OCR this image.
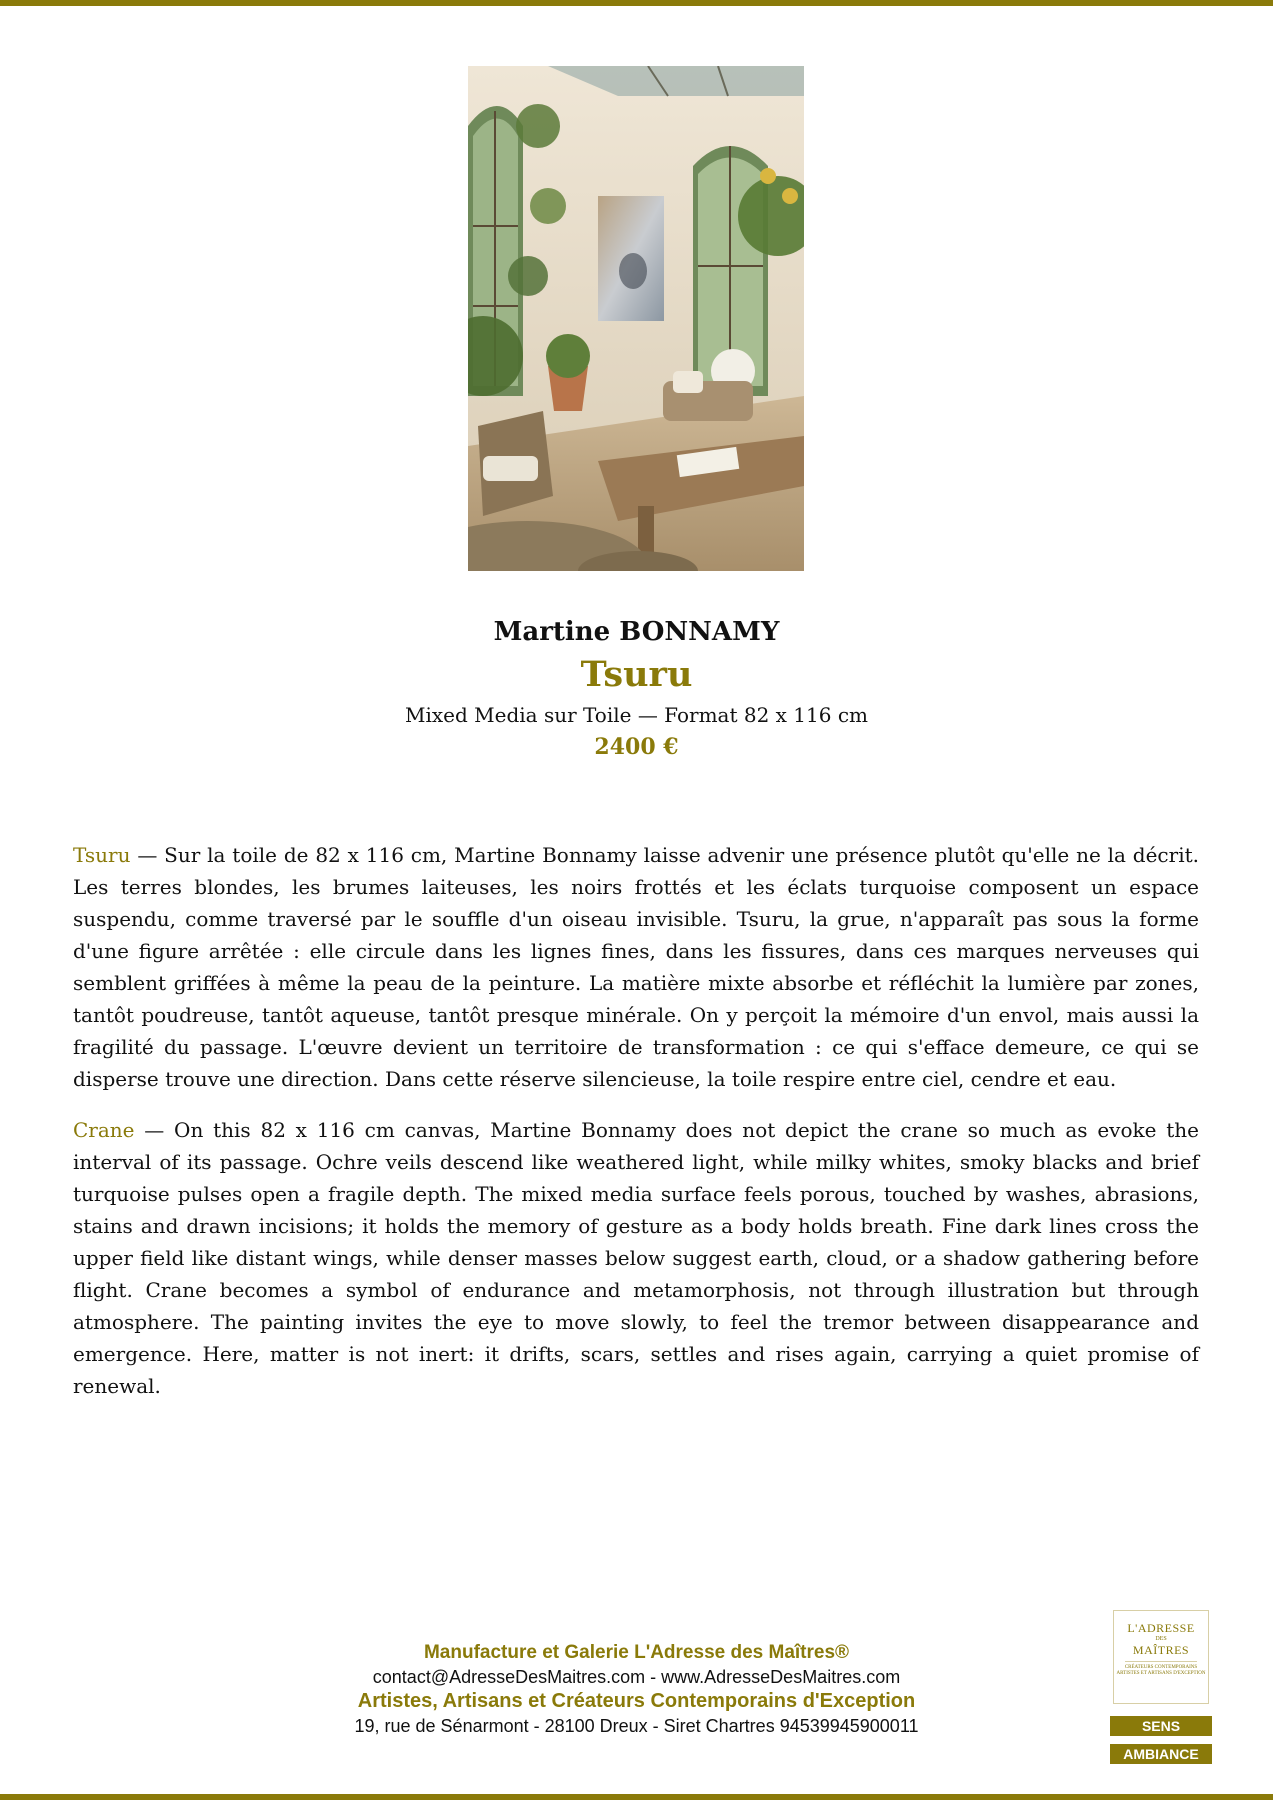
Martine BONNAMY
Tsuru
Mixed Media sur Toile — Format 82 x 116 cm
2400 €

Tsuru — Sur la toile de 82 x 116 cm, Martine Bonnamy laisse advenir une présence plutôt qu'elle ne la décrit. Les terres blondes, les brumes laiteuses, les noirs frottés et les éclats turquoise composent un espace suspendu, comme traversé par le souffle d'un oiseau invisible. Tsuru, la grue, n'apparaît pas sous la forme d'une figure arrêtée : elle circule dans les lignes fines, dans les fissures, dans ces marques nerveuses qui semblent griffées à même la peau de la peinture. La matière mixte absorbe et réfléchit la lumière par zones, tantôt poudreuse, tantôt aqueuse, tantôt presque minérale. On y perçoit la mémoire d'un envol, mais aussi la fragilité du passage. L'œuvre devient un territoire de transformation : ce qui s'efface demeure, ce qui se disperse trouve une direction. Dans cette réserve silencieuse, la toile respire entre ciel, cendre et eau.

Crane — On this 82 x 116 cm canvas, Martine Bonnamy does not depict the crane so much as evoke the interval of its passage. Ochre veils descend like weathered light, while milky whites, smoky blacks and brief turquoise pulses open a fragile depth. The mixed media surface feels porous, touched by washes, abrasions, stains and drawn incisions; it holds the memory of gesture as a body holds breath. Fine dark lines cross the upper field like distant wings, while denser masses below suggest earth, cloud, or a shadow gathering before flight. Crane becomes a symbol of endurance and metamorphosis, not through illustration but through atmosphere. The painting invites the eye to move slowly, to feel the tremor between disappearance and emergence. Here, matter is not inert: it drifts, scars, settles and rises again, carrying a quiet promise of renewal.

Manufacture et Galerie L'Adresse des Maîtres®
contact@AdresseDesMaitres.com - www.AdresseDesMaitres.com
Artistes, Artisans et Créateurs Contemporains d'Exception
19, rue de Sénarmont - 28100 Dreux - Siret Chartres 94539945900011
L'ADRESSE
DES
MAÎTRES
CRÉATEURS CONTEMPORAINS ARTISTES ET ARTISANS D'EXCEPTION
SENS
AMBIANCE
